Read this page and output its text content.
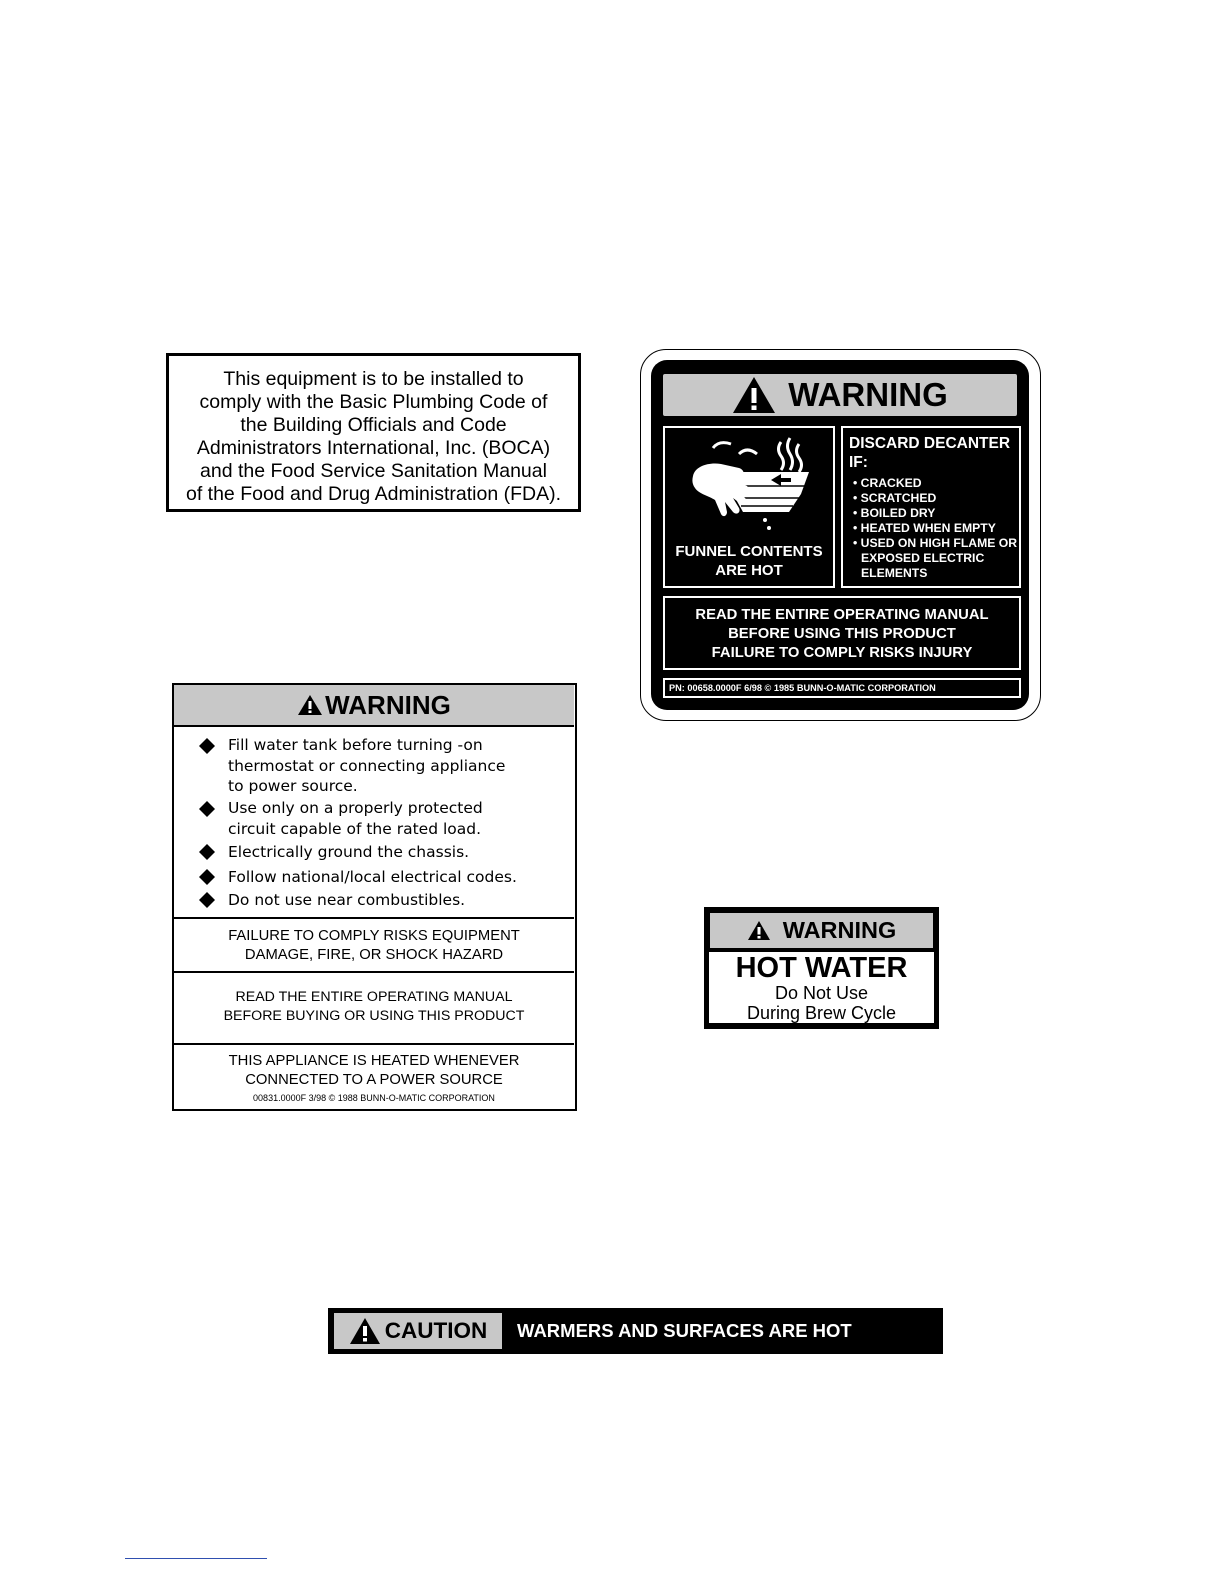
This equipment is to be installed to
comply with the Basic Plumbing Code of
the Building Officials and Code
Administrators International, Inc. (BOCA)
and the Food Service Sanitation Manual
of the Food and Drug Administration (FDA).
WARNING
FUNNEL CONTENTS
ARE HOT
DISCARD DECANTER
IF:
• CRACKED
• SCRATCHED
• BOILED DRY
• HEATED WHEN EMPTY
• USED ON HIGH FLAME OR EXPOSED ELECTRIC ELEMENTS
READ THE ENTIRE OPERATING MANUAL
BEFORE USING THIS PRODUCT
FAILURE TO COMPLY RISKS INJURY
PN: 00658.0000F 6/98 © 1985 BUNN-O-MATIC CORPORATION
WARNING
Fill water tank before turning -on
thermostat or connecting appliance
to power source.
Use only on a properly protected
circuit capable of the rated load.
Electrically ground the chassis.
Follow national/local electrical codes.
Do not use near combustibles.
FAILURE TO COMPLY RISKS EQUIPMENT
DAMAGE, FIRE, OR SHOCK HAZARD
READ THE ENTIRE OPERATING MANUAL
BEFORE BUYING OR USING THIS PRODUCT
THIS APPLIANCE IS HEATED WHENEVER
CONNECTED TO A POWER SOURCE
00831.0000F 3/98 © 1988 BUNN-O-MATIC CORPORATION
WARNING
HOT WATER
Do Not Use
During Brew Cycle
CAUTION WARMERS AND SURFACES ARE HOT
